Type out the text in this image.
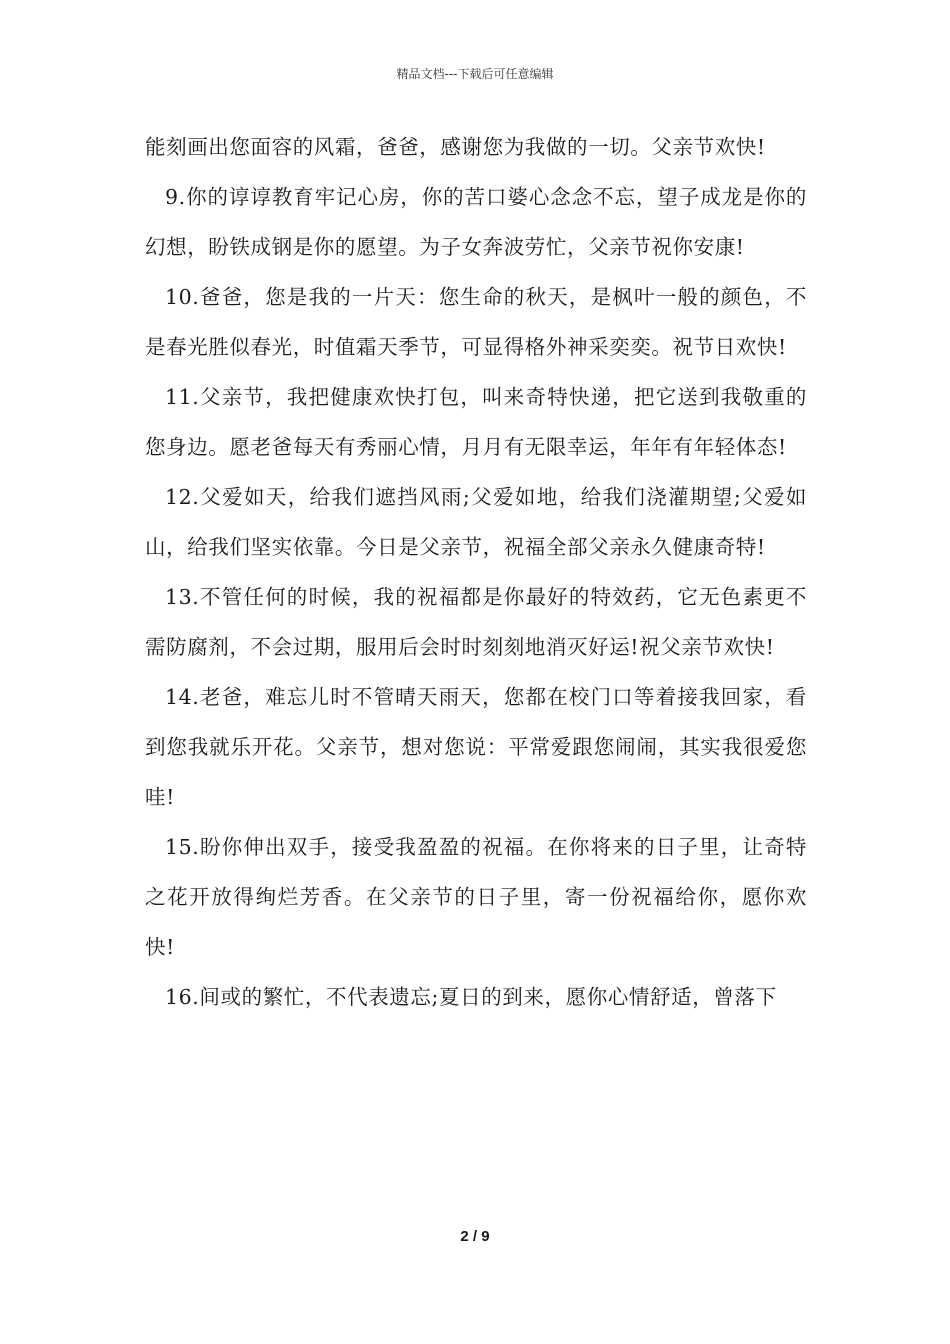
精品文档---下载后可任意编辑

能刻画出您面容的风霜，爸爸，感谢您为我做的一切。父亲节欢快!

9.你的谆谆教育牢记心房，你的苦口婆心念念不忘，望子成龙是你的幻想，盼铁成钢是你的愿望。为子女奔波劳忙，父亲节祝你安康!

10.爸爸，您是我的一片天：您生命的秋天，是枫叶一般的颜色，不是春光胜似春光，时值霜天季节，可显得格外神采奕奕。祝节日欢快!

11.父亲节，我把健康欢快打包，叫来奇特快递，把它送到我敬重的您身边。愿老爸每天有秀丽心情，月月有无限幸运，年年有年轻体态!

12.父爱如天，给我们遮挡风雨;父爱如地，给我们浇灌期望;父爱如山，给我们坚实依靠。今日是父亲节，祝福全部父亲永久健康奇特!

13.不管任何的时候，我的祝福都是你最好的特效药，它无色素更不需防腐剂，不会过期，服用后会时时刻刻地消灭好运!祝父亲节欢快!

14.老爸，难忘儿时不管晴天雨天，您都在校门口等着接我回家，看到您我就乐开花。父亲节，想对您说：平常爱跟您闹闹，其实我很爱您哇!

15.盼你伸出双手，接受我盈盈的祝福。在你将来的日子里，让奇特之花开放得绚烂芳香。在父亲节的日子里，寄一份祝福给你，愿你欢快!

16.间或的繁忙，不代表遗忘;夏日的到来，愿你心情舒适，曾落下

2 / 9
